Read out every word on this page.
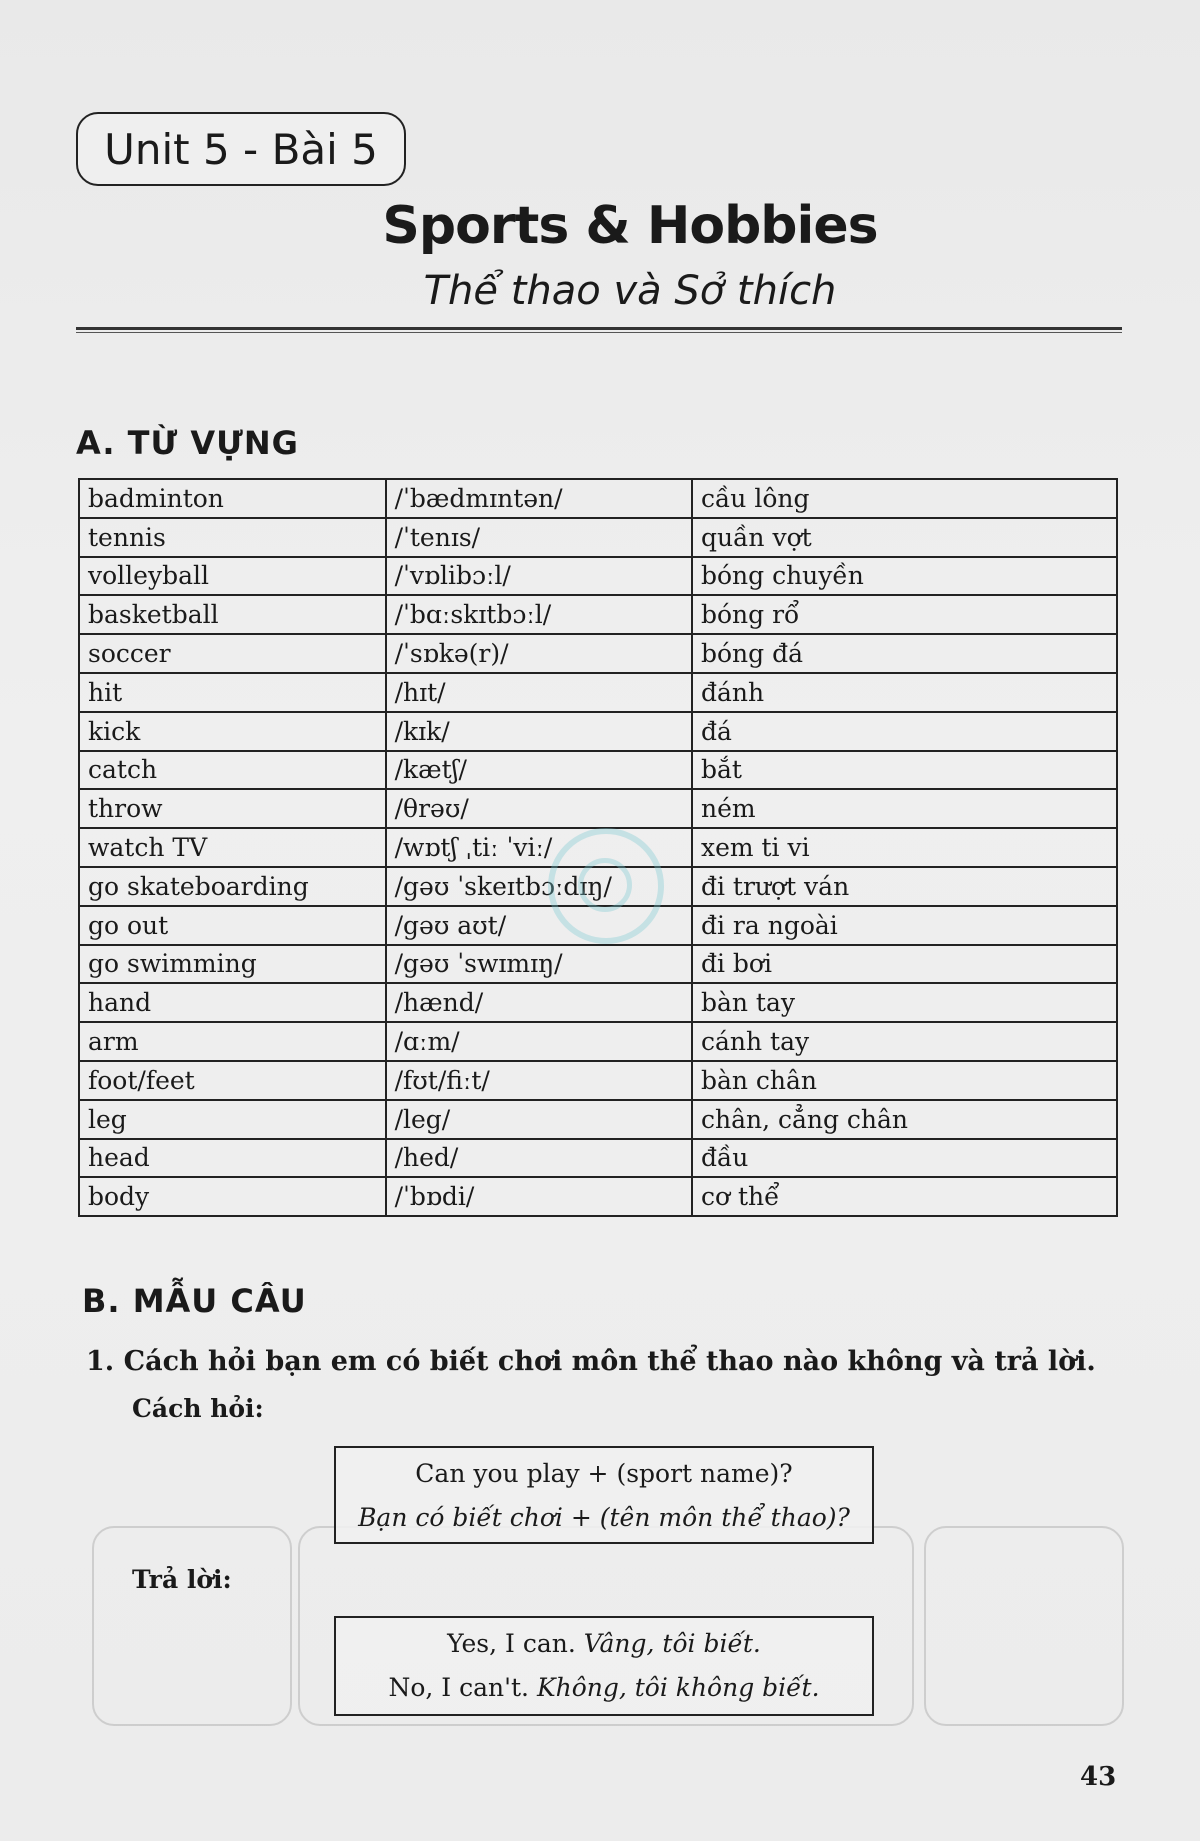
Unit 5 - Bài 5
Sports & Hobbies
Thể thao và Sở thích
A. TỪ VỰNG
badminton	/ˈbædmɪntən/	cầu lông
tennis	/ˈtenɪs/	quần vợt
volleyball	/ˈvɒlibɔːl/	bóng chuyền
basketball	/ˈbɑːskɪtbɔːl/	bóng rổ
soccer	/ˈsɒkə(r)/	bóng đá
hit	/hɪt/	đánh
kick	/kɪk/	đá
catch	/kætʃ/	bắt
throw	/θrəʊ/	ném
watch TV	/wɒtʃ ˌtiː ˈviː/	xem ti vi
go skateboarding	/gəʊ ˈskeɪtbɔːdɪŋ/	đi trượt ván
go out	/gəʊ aʊt/	đi ra ngoài
go swimming	/gəʊ ˈswɪmɪŋ/	đi bơi
hand	/hænd/	bàn tay
arm	/ɑːm/	cánh tay
foot/feet	/fʊt/fiːt/	bàn chân
leg	/leg/	chân, cẳng chân
head	/hed/	đầu
body	/ˈbɒdi/	cơ thể
B. MẪU CÂU
1. Cách hỏi bạn em có biết chơi môn thể thao nào không và trả lời.
Cách hỏi:
Can you play + (sport name)?
Bạn có biết chơi + (tên môn thể thao)?
Trả lời:
Yes, I can. Vâng, tôi biết.
No, I can't. Không, tôi không biết.
43
